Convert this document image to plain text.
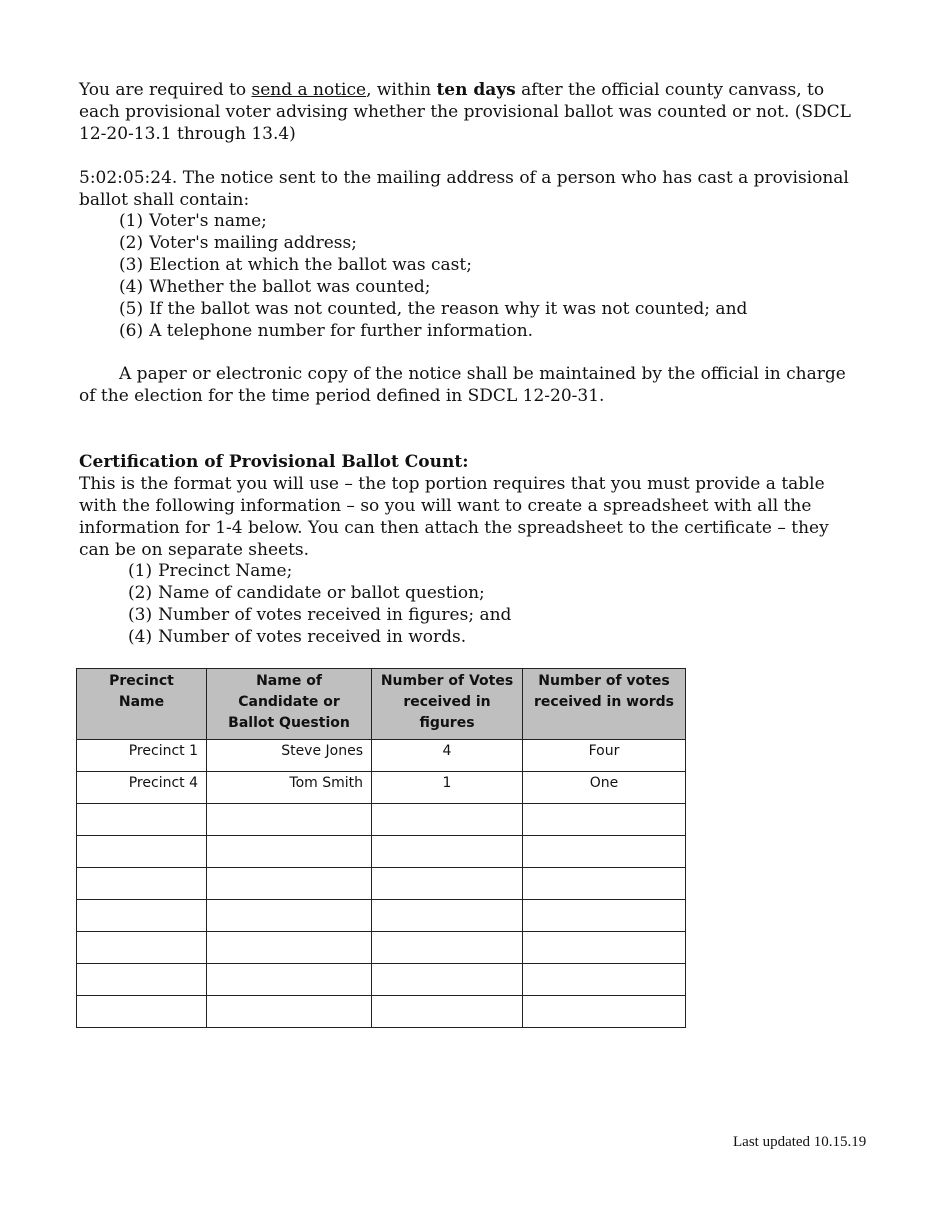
You are required to send a notice, within ten days after the official county canvass, to each provisional voter advising whether the provisional ballot was counted or not. (SDCL 12-20-13.1 through 13.4)

5:02:05:24. The notice sent to the mailing address of a person who has cast a provisional ballot shall contain:

(1) Voter's name;
(2) Voter's mailing address;
(3) Election at which the ballot was cast;
(4) Whether the ballot was counted;
(5) If the ballot was not counted, the reason why it was not counted; and
(6) A telephone number for further information.

A paper or electronic copy of the notice shall be maintained by the official in charge of the election for the time period defined in SDCL 12-20-31.

Certification of Provisional Ballot Count:

This is the format you will use – the top portion requires that you must provide a table with the following information – so you will want to create a spreadsheet with all the information for 1-4 below. You can then attach the spreadsheet to the certificate – they can be on separate sheets.

(1) Precinct Name;
(2) Name of candidate or ballot question;
(3) Number of votes received in figures; and
(4) Number of votes received in words.
Precinct Name	Name of Candidate or Ballot Question	Number of Votes received in figures	Number of votes received in words
Precinct 1	Steve Jones	4	Four
Precinct 4	Tom Smith	1	One

Last updated 10.15.19
